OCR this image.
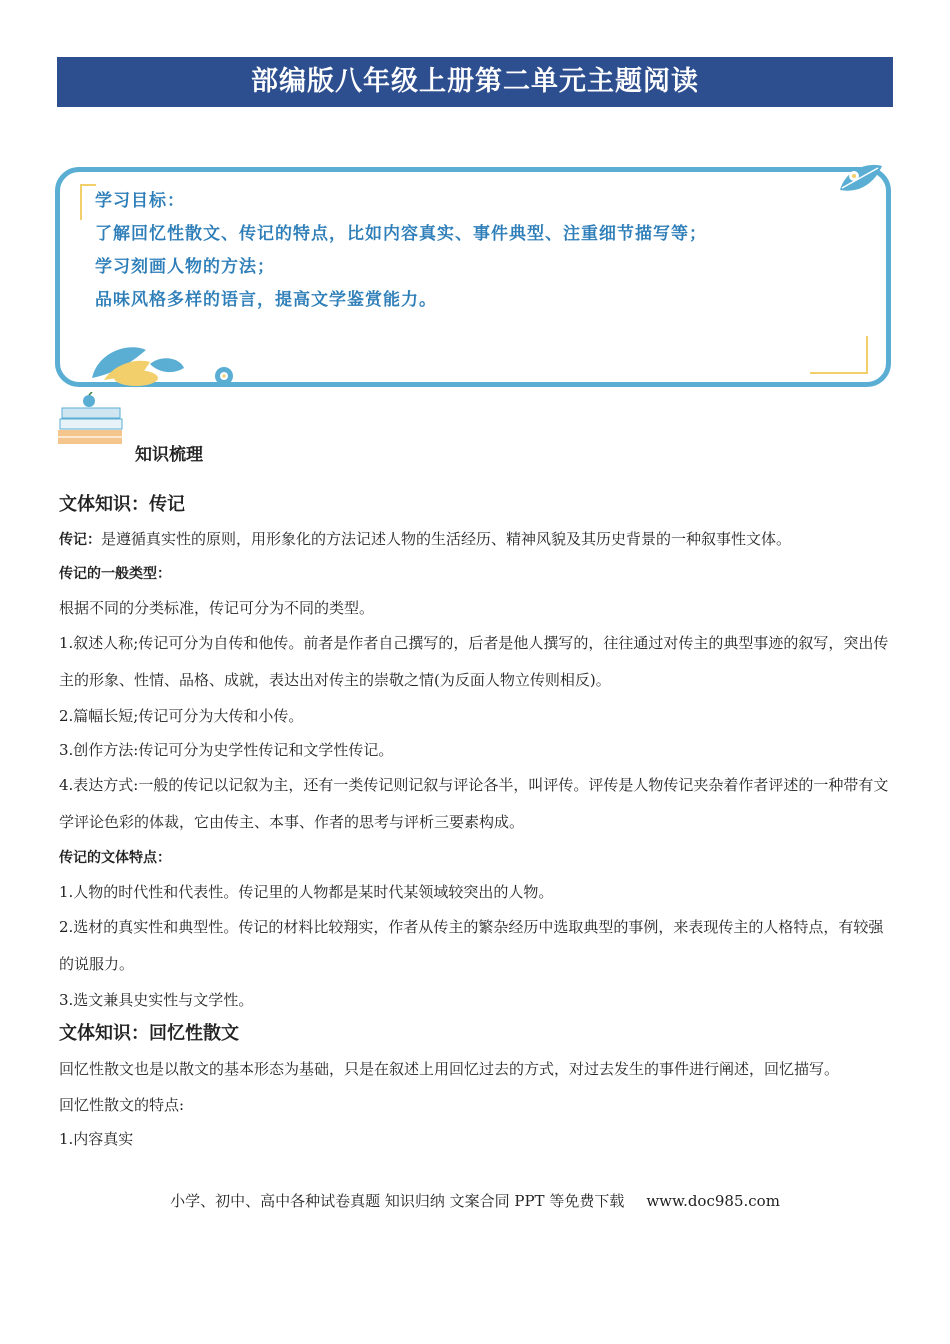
部编版八年级上册第二单元主题阅读
学习目标：
了解回忆性散文、传记的特点，比如内容真实、事件典型、注重细节描写等；
学习刻画人物的方法；
品味风格多样的语言，提高文学鉴赏能力。
知识梳理
文体知识：传记
传记：是遵循真实性的原则，用形象化的方法记述人物的生活经历、精神风貌及其历史背景的一种叙事性文体。
传记的一般类型：
根据不同的分类标准，传记可分为不同的类型。
1.叙述人称;传记可分为自传和他传。前者是作者自己撰写的，后者是他人撰写的，往往通过对传主的典型事迹的叙写，突出传主的形象、性情、品格、成就，表达出对传主的崇敬之情(为反面人物立传则相反)。
2.篇幅长短;传记可分为大传和小传。
3.创作方法:传记可分为史学性传记和文学性传记。
4.表达方式:一般的传记以记叙为主，还有一类传记则记叙与评论各半，叫评传。评传是人物传记夹杂着作者评述的一种带有文学评论色彩的体裁，它由传主、本事、作者的思考与评析三要素构成。
传记的文体特点：
1.人物的时代性和代表性。传记里的人物都是某时代某领域较突出的人物。
2.选材的真实性和典型性。传记的材料比较翔实，作者从传主的繁杂经历中选取典型的事例，来表现传主的人格特点，有较强的说服力。
3.选文兼具史实性与文学性。
文体知识：回忆性散文
回忆性散文也是以散文的基本形态为基础，只是在叙述上用回忆过去的方式，对过去发生的事件进行阐述，回忆描写。
回忆性散文的特点:
1.内容真实
小学、初中、高中各种试卷真题 知识归纳 文案合同 PPT 等免费下载 www.doc985.com
